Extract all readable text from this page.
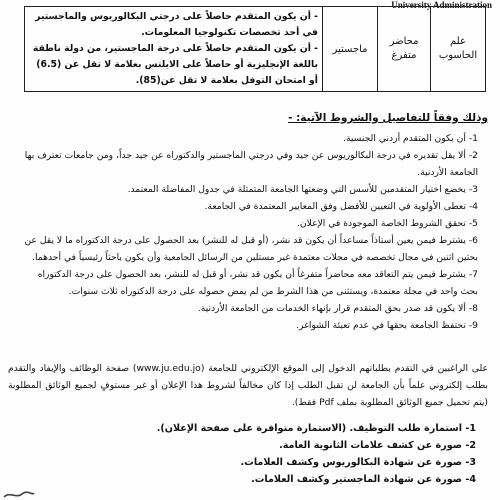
University Administration
علم الحاسوب	محاضر متفرغ	ماجستير	
- أن يكون المتقدم حاصلاً على درجتي البكالوريوس والماجستير في أحد تخصصات تكنولوجيا المعلومات.
- أن يكون المتقدم حاصلاً على درجة الماجستير، من دولة ناطقة باللغة الإنجليزية أو حاصلاً على الايلتس بعلامة لا تقل عن (6.5) أو امتحان التوفل بعلامة لا تقل عن(85).
وذلك وفقاً للتفاصيل والشروط الآتية: -
1- أن يكون المتقدم أردني الجنسية.
2- ألا يقل تقديره في درجة البكالوريوس عن جيد وفي درجتي الماجستير والدكتوراه عن جيد جداً، ومن جامعات تعترف بها الجامعة الأردنية.
3- يخضع اختيار المتقدمين للأسس التي وضعتها الجامعة المتمثلة في جدول المفاضلة المعتمد.
4- تعطى الأولوية في التعيين للأفضل وفق المعايير المعتمدة في الجامعة.
5- تحقق الشروط الخاصة الموجودة في الإعلان.
6- يشترط فيمن يعين أستاذاً مساعداً أن يكون قد نشر، (أو قبل له للنشر) بعد الحصول على درجة الدكتوراه ما لا يقل عن بحثين اثنين في مجال تخصصه في مجلات معتمدة غير مستلين من الرسائل الجامعية وأن يكون باحثاً رئيسياً في أحدهما.
7- يشترط فيمن يتم التعاقد معه محاضراً متفرغاً أن يكون قد نشر، أو قبل له للنشر، بعد الحصول على درجة الدكتوراه بحث واحد في مجلة معتمدة، ويستثنى من هذا الشرط من لم يمض حصوله على درجة الدكتوراه ثلاث سنوات.
8- ألا يكون قد صدر بحق المتقدم قرار بإنهاء الخدمات من الجامعة الأردنية.
9- تحتفظ الجامعة بحقها في عدم تعبئة الشواغر.
على الراغبين في التقدم بطلباتهم الدخول إلى الموقع الإلكتروني للجامعة (www.ju.edu.jo) صفحة الوظائف والإيفاد والتقدم بطلب إلكتروني علماً بأن الجامعة لن تقبل الطلب إذا كان مخالفاً لشروط هذا الإعلان أو غير مستوفٍ لجميع الوثائق المطلوبة (يتم تحميل جميع الوثائق المطلوبة بملف Pdf فقط).
1- استمارة طلب التوظيف. (الاستمارة متوافرة على صفحة الإعلان).
2- صورة عن كشف علامات الثانوية العامة.
3- صورة عن شهادة البكالوريوس وكشف العلامات.
4- صورة عن شهادة الماجستير وكشف العلامات.
